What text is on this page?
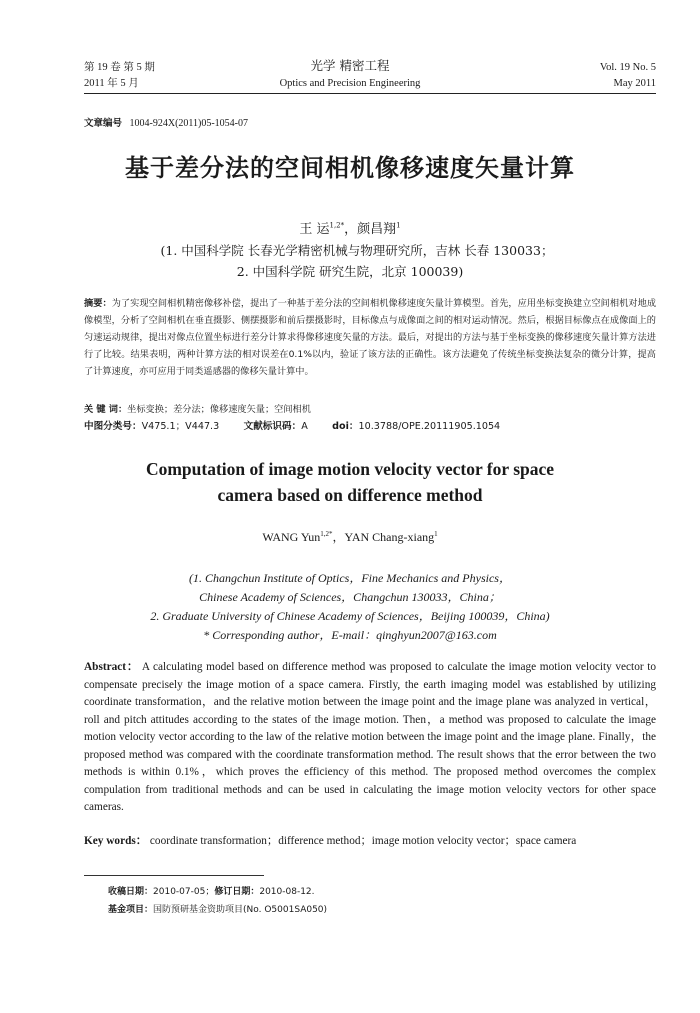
第 19 卷 第 5 期
2011 年 5 月
光学 精密工程
Optics and Precision Engineering
Vol. 19 No. 5
May 2011
文章编号 1004-924X(2011)05-1054-07
基于差分法的空间相机像移速度矢量计算
王 运$^{1,2*}$，颜昌翔$^1$
(1. 中国科学院 长春光学精密机械与物理研究所，吉林 长春 130033；
2. 中国科学院 研究生院，北京 100039)
摘要：为了实现空间相机精密像移补偿，提出了一种基于差分法的空间相机像移速度矢量计算模型。首先，应用坐标变换建立空间相机对地成像模型，分析了空间相机在垂直摄影、侧摆摄影和前后摆摄影时，目标像点与成像面之间的相对运动情况。然后，根据目标像点在成像面上的匀速运动规律，提出对像点位置坐标进行差分计算求得像移速度矢量的方法。最后，对提出的方法与基于坐标变换的像移速度矢量计算方法进行了比较。结果表明，两种计算方法的相对误差在0.1%以内，验证了该方法的正确性。该方法避免了传统坐标变换法复杂的微分计算，提高了计算速度，亦可应用于同类遥感器的像移矢量计算中。
关 键 词：坐标变换；差分法；像移速度矢量；空间相机
中图分类号：V475.1；V447.3	文献标识码：A	doi：10.3788/OPE.20111905.1054
Computation of image motion velocity vector for space
camera based on difference method
WANG Yun$^{1,2*}$，YAN Chang-xiang$^1$
(1. Changchun Institute of Optics，Fine Mechanics and Physics，
Chinese Academy of Sciences，Changchun 130033，China；
2. Graduate University of Chinese Academy of Sciences，Beijing 100039，China)
* Corresponding author，E-mail：qinghyun2007@163.com
Abstract： A calculating model based on difference method was proposed to calculate the image motion velocity vector to compensate precisely the image motion of a space camera. Firstly, the earth imaging model was established by utilizing coordinate transformation，and the relative motion between the image point and the image plane was analyzed in vertical，roll and pitch attitudes according to the states of the image motion. Then，a method was proposed to calculate the image motion velocity vector according to the law of the relative motion between the image point and the image plane. Finally，the proposed method was compared with the coordinate transformation method. The result shows that the error between the two methods is within 0.1%，which proves the efficiency of this method. The proposed method overcomes the complex compulation from traditional methods and can be used in calculating the image motion velocity vectors for other space cameras.
Key words： coordinate transformation；difference method；image motion velocity vector；space camera
收稿日期：2010-07-05；修订日期：2010-08-12.
基金项目：国防预研基金资助项目(No. O5001SA050)
